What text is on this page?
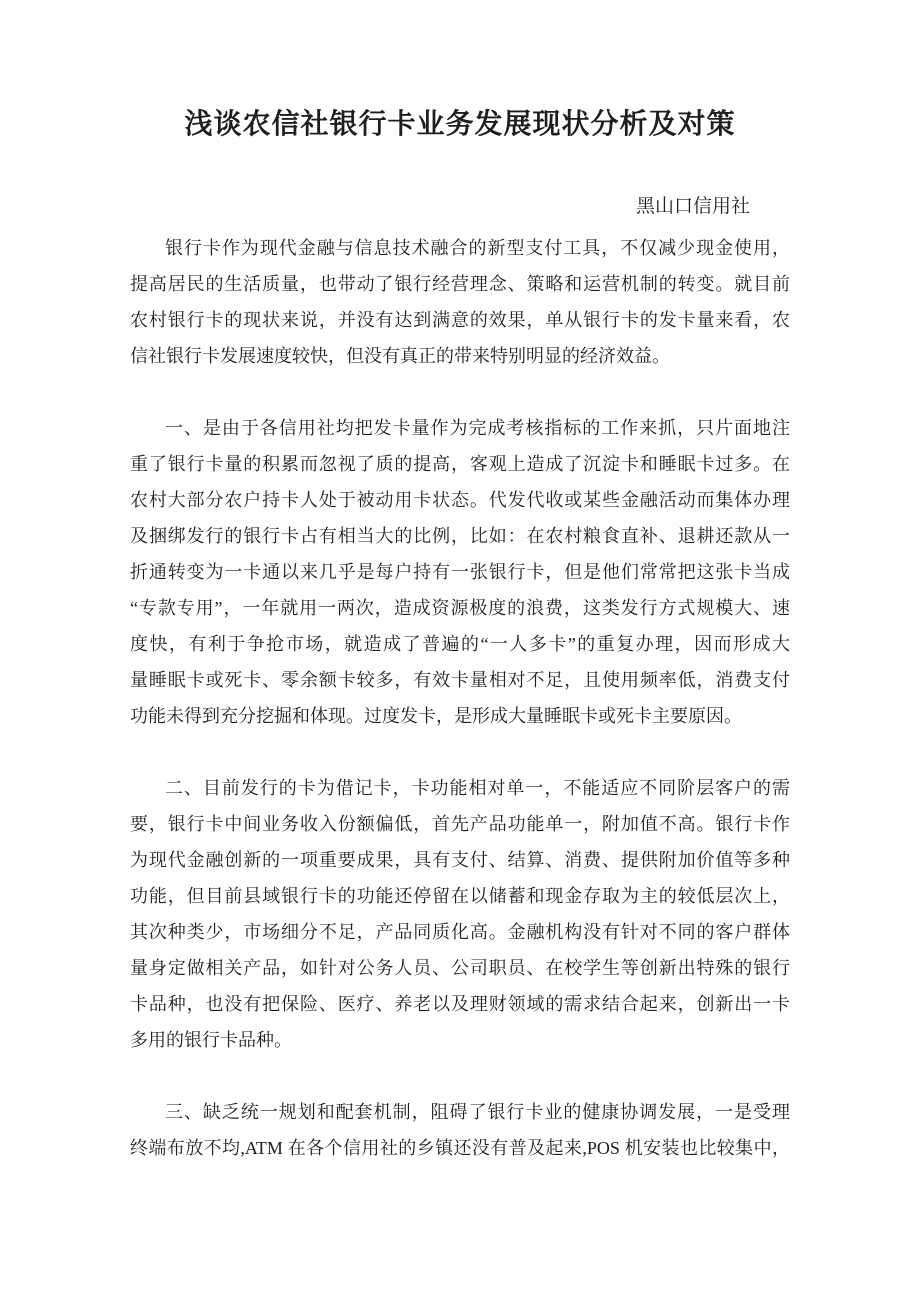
浅谈农信社银行卡业务发展现状分析及对策
黑山口信用社

银行卡作为现代金融与信息技术融合的新型支付工具，不仅减少现金使用，
提高居民的生活质量，也带动了银行经营理念、策略和运营机制的转变。就目前
农村银行卡的现状来说，并没有达到满意的效果，单从银行卡的发卡量来看，农
信社银行卡发展速度较快，但没有真正的带来特别明显的经济效益。

一、是由于各信用社均把发卡量作为完成考核指标的工作来抓，只片面地注
重了银行卡量的积累而忽视了质的提高，客观上造成了沉淀卡和睡眠卡过多。在
农村大部分农户持卡人处于被动用卡状态。代发代收或某些金融活动而集体办理
及捆绑发行的银行卡占有相当大的比例，比如：在农村粮食直补、退耕还款从一
折通转变为一卡通以来几乎是每户持有一张银行卡，但是他们常常把这张卡当成
“专款专用”，一年就用一两次，造成资源极度的浪费，这类发行方式规模大、速
度快，有利于争抢市场，就造成了普遍的“一人多卡”的重复办理，因而形成大
量睡眠卡或死卡、零余额卡较多，有效卡量相对不足，且使用频率低，消费支付
功能未得到充分挖掘和体现。过度发卡，是形成大量睡眠卡或死卡主要原因。

二、目前发行的卡为借记卡，卡功能相对单一，不能适应不同阶层客户的需
要，银行卡中间业务收入份额偏低，首先产品功能单一，附加值不高。银行卡作
为现代金融创新的一项重要成果，具有支付、结算、消费、提供附加价值等多种
功能，但目前县域银行卡的功能还停留在以储蓄和现金存取为主的较低层次上，
其次种类少，市场细分不足，产品同质化高。金融机构没有针对不同的客户群体
量身定做相关产品，如针对公务人员、公司职员、在校学生等创新出特殊的银行
卡品种，也没有把保险、医疗、养老以及理财领域的需求结合起来，创新出一卡
多用的银行卡品种。

三、缺乏统一规划和配套机制，阻碍了银行卡业的健康协调发展，一是受理
终端布放不均,ATM 在各个信用社的乡镇还没有普及起来,POS 机安装也比较集中，
